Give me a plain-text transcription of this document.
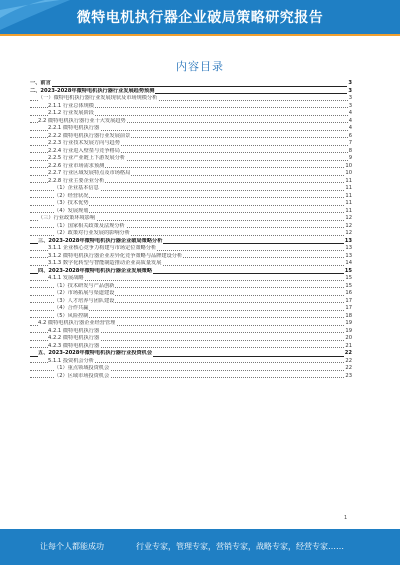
微特电机执行器企业破局策略研究报告
内容目录
一、前言	3
二、2023-2028年微特电机执行器行业发展趋势预测	3
（一）微特电机执行器行业发展现状及市场规模分析	3
2.1.1 行业总体规模	3
2.1.2 行业发展阶段	4
2.2 微特电机执行器行业十大发展趋势	4
2.2.1 微特电机执行器	4
2.2.2 微特电机执行器行业发展前景	6
2.2.3 行业技术发展方向与趋势	7
2.2.4 行业进入壁垒与竞争格局	8
2.2.5 行业产业链上下游发展分析	9
2.2.6 行业市场需求预测	10
2.2.7 行业区域发展特点及市场格局	10
2.2.8 行业主要企业分析	11
（1）企业基本信息	11
（2）经营状况	11
（3）技术优势	11
（4）发展规划	11
（三）行业政策环境影响	12
（1）国家相关政策及法规分析	12
（2）政策对行业发展的影响分析	12
三、2023-2028年微特电机执行器企业破局策略分析	13
3.1.1 企业核心竞争力构建与市场定位策略分析	13
3.1.2 微特电机执行器企业差异化竞争策略与品牌建设分析	13
3.1.3 数字化转型与智能制造推动企业高质量发展	14
四、2023-2028年微特电机执行器企业发展策略	15
4.1.1 发展战略	15
（1）技术研发与产品创新	15
（2）市场拓展与渠道建设	16
（3）人才培养与团队建设	17
（4）合作共赢	17
（5）风险控制	18
4.2 微特电机执行器企业经营管理	19
4.2.1 微特电机执行器	19
4.2.2 微特电机执行器	20
4.2.3 微特电机执行器	21
五、2023-2028年微特电机执行器行业投资机会	22
5.1.1 投资机会分析	22
（1）重点领域投资机会	22
（2）区域市场投资机会	23
1
让每个人都能成功	行业专家，管理专家，营销专家，战略专家，经营专家……
